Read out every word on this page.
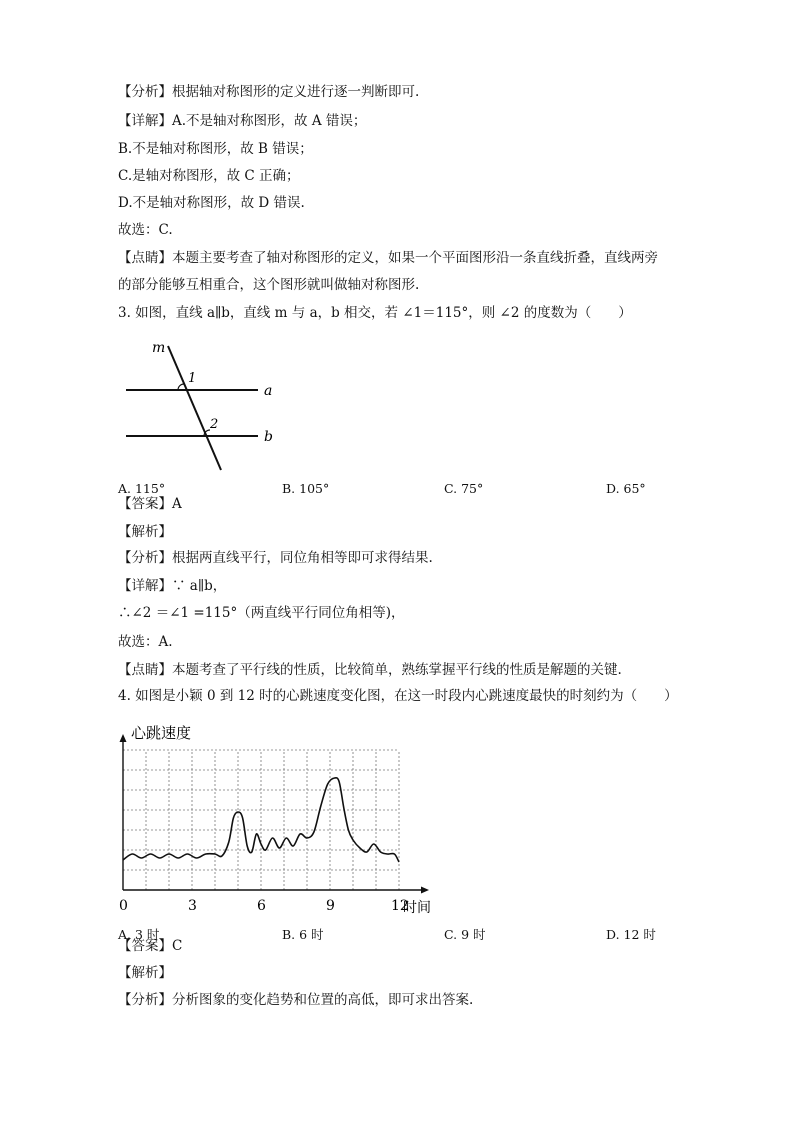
【分析】根据轴对称图形的定义进行逐一判断即可.
【详解】A.不是轴对称图形，故 A 错误；
B.不是轴对称图形，故 B 错误；
C.是轴对称图形，故 C 正确；
D.不是轴对称图形，故 D 错误.
故选：C.
【点睛】本题主要考查了轴对称图形的定义，如果一个平面图形沿一条直线折叠，直线两旁
的部分能够互相重合，这个图形就叫做轴对称图形.
3. 如图，直线 a∥b，直线 m 与 a，b 相交，若 ∠1＝115°，则 ∠2 的度数为（　　）
m
1
2
a
b
A. 115°	B. 105°	C. 75°	D. 65°
【答案】A
【解析】
【分析】根据两直线平行，同位角相等即可求得结果.
【详解】∵ a∥b，
∴∠2 ＝∠1 =115°（两直线平行同位角相等)，
故选：A.
【点睛】本题考查了平行线的性质，比较简单，熟练掌握平行线的性质是解题的关键.
4. 如图是小颖 0 到 12 时的心跳速度变化图，在这一时段内心跳速度最快的时刻约为（　　）
心跳速度
时间
0	3	6	9	12
A. 3 时	B. 6 时	C. 9 时	D. 12 时
【答案】C
【解析】
【分析】分析图象的变化趋势和位置的高低，即可求出答案.
